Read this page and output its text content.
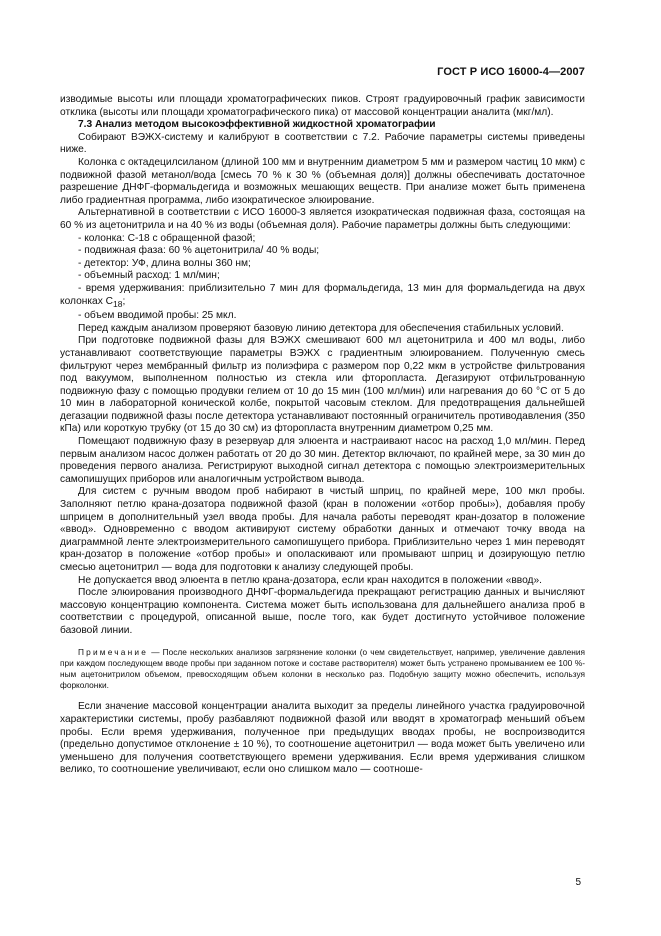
ГОСТ Р ИСО 16000-4—2007

изводимые высоты или площади хроматографических пиков. Строят градуировочный график зависимости отклика (высоты или площади хроматографического пика) от массовой концентрации аналита (мкг/мл).

7.3 Анализ методом высокоэффективной жидкостной хроматографии

Собирают ВЭЖХ-систему и калибруют в соответствии с 7.2. Рабочие параметры системы приведены ниже.

Колонка с октадецилсиланом (длиной 100 мм и внутренним диаметром 5 мм и размером частиц 10 мкм) с подвижной фазой метанол/вода [смесь 70 % к 30 % (объемная доля)] должны обеспечивать достаточное разрешение ДНФГ-формальдегида и возможных мешающих веществ. При анализе может быть применена либо градиентная программа, либо изократическое элюирование.

Альтернативной в соответствии с ИСО 16000-3 является изократическая подвижная фаза, состоящая на 60 % из ацетонитрила и на 40 % из воды (объемная доля). Рабочие параметры должны быть следующими:

- колонка: С-18 с обращенной фазой;

- подвижная фаза: 60 % ацетонитрила/ 40 % воды;

- детектор: УФ, длина волны 360 нм;

- объемный расход: 1 мл/мин;

- время удерживания: приблизительно 7 мин для формальдегида, 13 мин для формальдегида на двух колонках $С_{18}$;

- объем вводимой пробы: 25 мкл.

Перед каждым анализом проверяют базовую линию детектора для обеспечения стабильных условий.

При подготовке подвижной фазы для ВЭЖХ смешивают 600 мл ацетонитрила и 400 мл воды, либо устанавливают соответствующие параметры ВЭЖХ с градиентным элюированием. Полученную смесь фильтруют через мембранный фильтр из полиэфира с размером пор 0,22 мкм в устройстве фильтрования под вакуумом, выполненном полностью из стекла или фторопласта. Дегазируют отфильтрованную подвижную фазу с помощью продувки гелием от 10 до 15 мин (100 мл/мин) или нагревания до 60 °С от 5 до 10 мин в лабораторной конической колбе, покрытой часовым стеклом. Для предотвращения дальнейшей дегазации подвижной фазы после детектора устанавливают постоянный ограничитель противодавления (350 кПа) или короткую трубку (от 15 до 30 см) из фторопласта внутренним диаметром 0,25 мм.

Помещают подвижную фазу в резервуар для элюента и настраивают насос на расход 1,0 мл/мин. Перед первым анализом насос должен работать от 20 до 30 мин. Детектор включают, по крайней мере, за 30 мин до проведения первого анализа. Регистрируют выходной сигнал детектора с помощью электроизмерительных самопишущих приборов или аналогичным устройством вывода.

Для систем с ручным вводом проб набирают в чистый шприц, по крайней мере, 100 мкл пробы. Заполняют петлю крана-дозатора подвижной фазой (кран в положении «отбор пробы»), добавляя пробу шприцем в дополнительный узел ввода пробы. Для начала работы переводят кран-дозатор в положение «ввод». Одновременно с вводом активируют систему обработки данных и отмечают точку ввода на диаграммной ленте электроизмерительного самопишущего прибора. Приблизительно через 1 мин переводят кран-дозатор в положение «отбор пробы» и ополаскивают или промывают шприц и дозирующую петлю смесью ацетонитрил — вода для подготовки к анализу следующей пробы.

Не допускается ввод элюента в петлю крана-дозатора, если кран находится в положении «ввод».

После элюирования производного ДНФГ-формальдегида прекращают регистрацию данных и вычисляют массовую концентрацию компонента. Система может быть использована для дальнейшего анализа проб в соответствии с процедурой, описанной выше, после того, как будет достигнуто устойчивое положение базовой линии.

Примечание — После нескольких анализов загрязнение колонки (о чем свидетельствует, например, увеличение давления при каждом последующем вводе пробы при заданном потоке и составе растворителя) может быть устранено промыванием ее 100 %-ным ацетонитрилом объемом, превосходящим объем колонки в несколько раз. Подобную защиту можно обеспечить, используя форколонки.

Если значение массовой концентрации аналита выходит за пределы линейного участка градуировочной характеристики системы, пробу разбавляют подвижной фазой или вводят в хроматограф меньший объем пробы. Если время удерживания, полученное при предыдущих вводах пробы, не воспроизводится (предельно допустимое отклонение ± 10 %), то соотношение ацетонитрил — вода может быть увеличено или уменьшено для получения соответствующего времени удерживания. Если время удерживания слишком велико, то соотношение увеличивают, если оно слишком мало — соотноше-

5
